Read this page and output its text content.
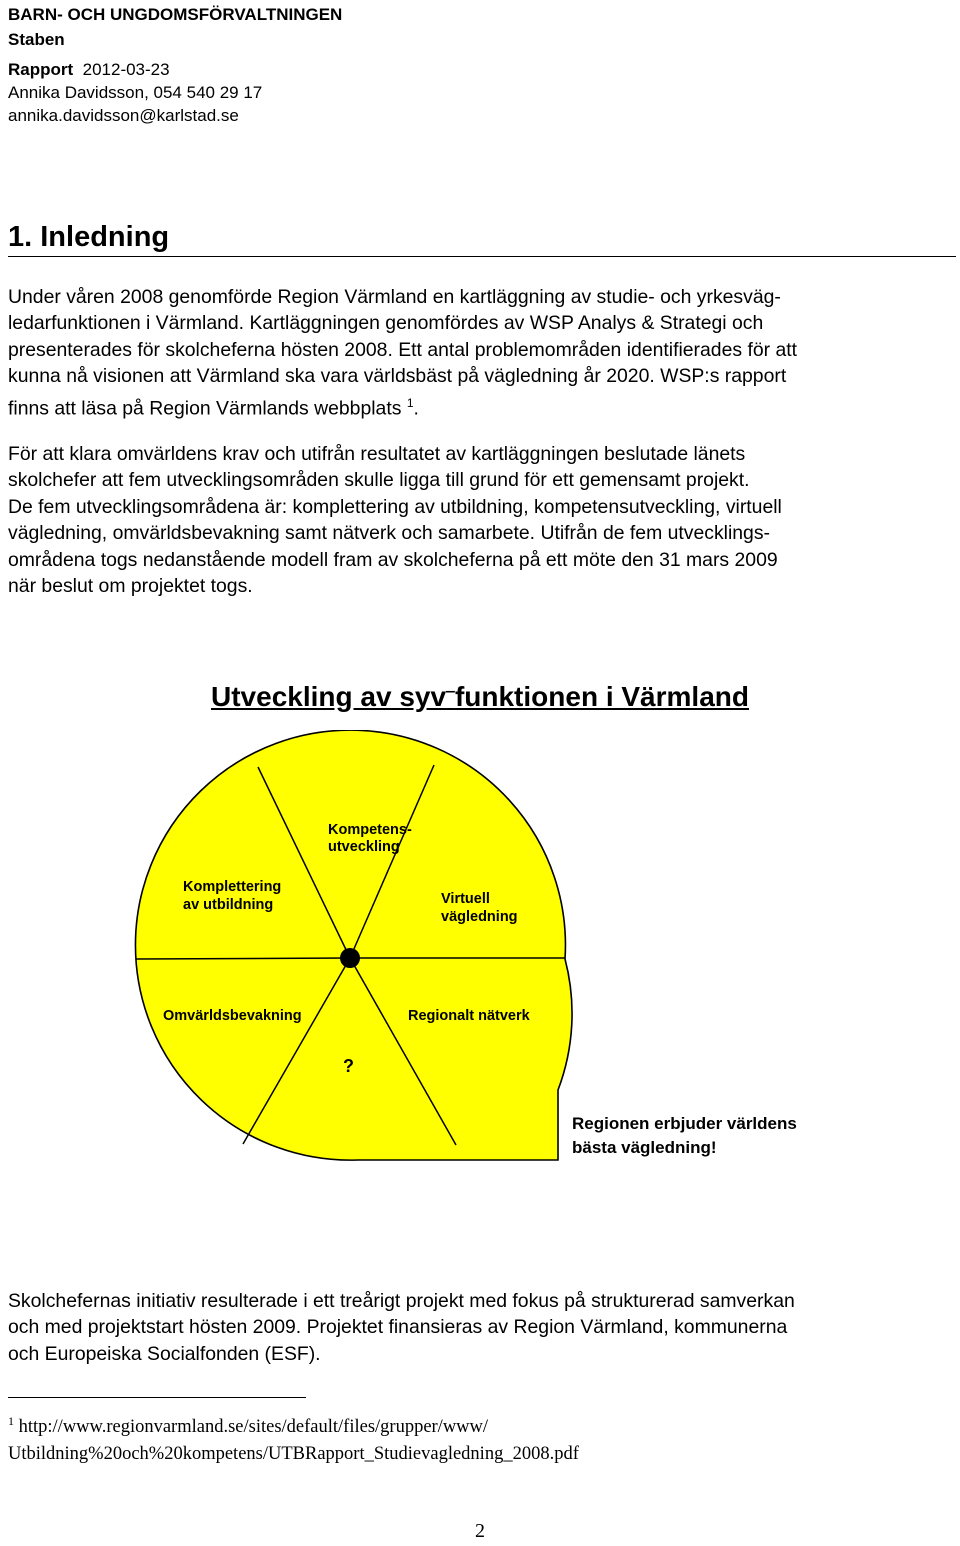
BARN- OCH UNGDOMSFÖRVALTNINGEN
Staben
Rapport 2012-03-23
Annika Davidsson, 054 540 29 17
annika.davidsson@karlstad.se
1. Inledning
Under våren 2008 genomförde Region Värmland en kartläggning av studie- och yrkesväg-
ledarfunktionen i Värmland. Kartläggningen genomfördes av WSP Analys & Strategi och
presenterades för skolcheferna hösten 2008. Ett antal problemområden identifierades för att
kunna nå visionen att Värmland ska vara världsbäst på vägledning år 2020. WSP:s rapport
finns att läsa på Region Värmlands webbplats $^1$.
För att klara omvärldens krav och utifrån resultatet av kartläggningen beslutade länets
skolchefer att fem utvecklingsområden skulle ligga till grund för ett gemensamt projekt.
De fem utvecklingsområdena är: komplettering av utbildning, kompetensutveckling, virtuell
vägledning, omvärldsbevakning samt nätverk och samarbete. Utifrån de fem utvecklings-
områdena togs nedanstående modell fram av skolcheferna på ett möte den 31 mars 2009
när beslut om projektet togs.
Utveckling av syv‒funktionen i Värmland
Kompetens-
utveckling
Komplettering
av utbildning	Virtuell
vägledning
Omvärldsbevakning	Regionalt nätverk
?
Regionen erbjuder världens
bästa vägledning!
Skolchefernas initiativ resulterade i ett treårigt projekt med fokus på strukturerad samverkan
och med projektstart hösten 2009. Projektet finansieras av Region Värmland, kommunerna
och Europeiska Socialfonden (ESF).
$^1$ http://www.regionvarmland.se/sites/default/files/grupper/www/
Utbildning%20och%20kompetens/UTBRapport_Studievagledning_2008.pdf
2
